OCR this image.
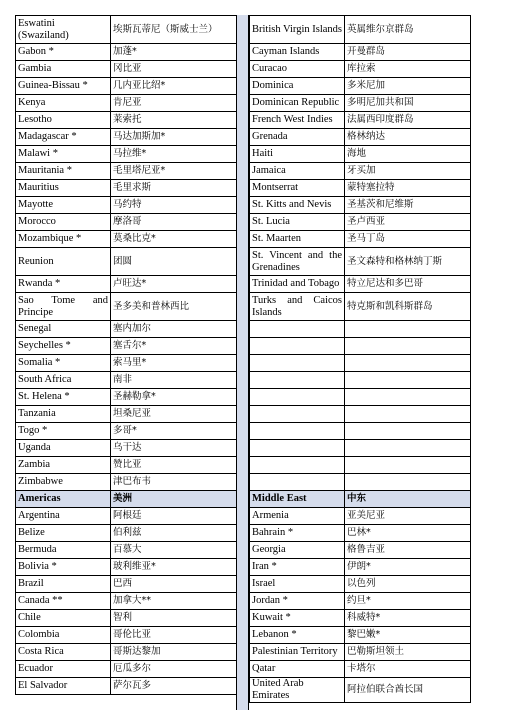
Eswatini (Swaziland)	埃斯瓦蒂尼（斯威士兰）
Gabon *	加蓬*
Gambia	冈比亚
Guinea-Bissau *	几内亚比绍*
Kenya	肯尼亚
Lesotho	莱索托
Madagascar *	马达加斯加*
Malawi *	马拉维*
Mauritania *	毛里塔尼亚*
Mauritius	毛里求斯
Mayotte	马约特
Morocco	摩洛哥
Mozambique *	莫桑比克*
Reunion	团圆
Rwanda *	卢旺达*
Sao Tome and Principe	圣多美和普林西比
Senegal	塞内加尔
Seychelles *	塞舌尔*
Somalia *	索马里*
South Africa	南非
St. Helena *	圣赫勒拿*
Tanzania	坦桑尼亚
Togo *	多哥*
Uganda	乌干达
Zambia	赞比亚
Zimbabwe	津巴布韦
Americas	美洲
Argentina	阿根廷
Belize	伯利兹
Bermuda	百慕大
Bolivia *	玻利维亚*
Brazil	巴西
Canada **	加拿大**
Chile	智利
Colombia	哥伦比亚
Costa Rica	哥斯达黎加
Ecuador	厄瓜多尔
El Salvador	萨尔瓦多
British Virgin Islands	英属维尔京群岛
Cayman Islands	开曼群岛
Curacao	库拉索
Dominica	多米尼加
Dominican Republic	多明尼加共和国
French West Indies	法属西印度群岛
Grenada	格林纳达
Haiti	海地
Jamaica	牙买加
Montserrat	蒙特塞拉特
St. Kitts and Nevis	圣基茨和尼维斯
St. Lucia	圣卢西亚
St. Maarten	圣马丁岛
St. Vincent and the Grenadines	圣文森特和格林纳丁斯
Trinidad and Tobago	特立尼达和多巴哥
Turks and Caicos Islands	特克斯和凯科斯群岛

Middle East	中东
Armenia	亚美尼亚
Bahrain *	巴林*
Georgia	格鲁吉亚
Iran *	伊朗*
Israel	以色列
Jordan *	约旦*
Kuwait *	科威特*
Lebanon *	黎巴嫩*
Palestinian Territory	巴勒斯坦领土
Qatar	卡塔尔
United Arab Emirates	阿拉伯联合酋长国
